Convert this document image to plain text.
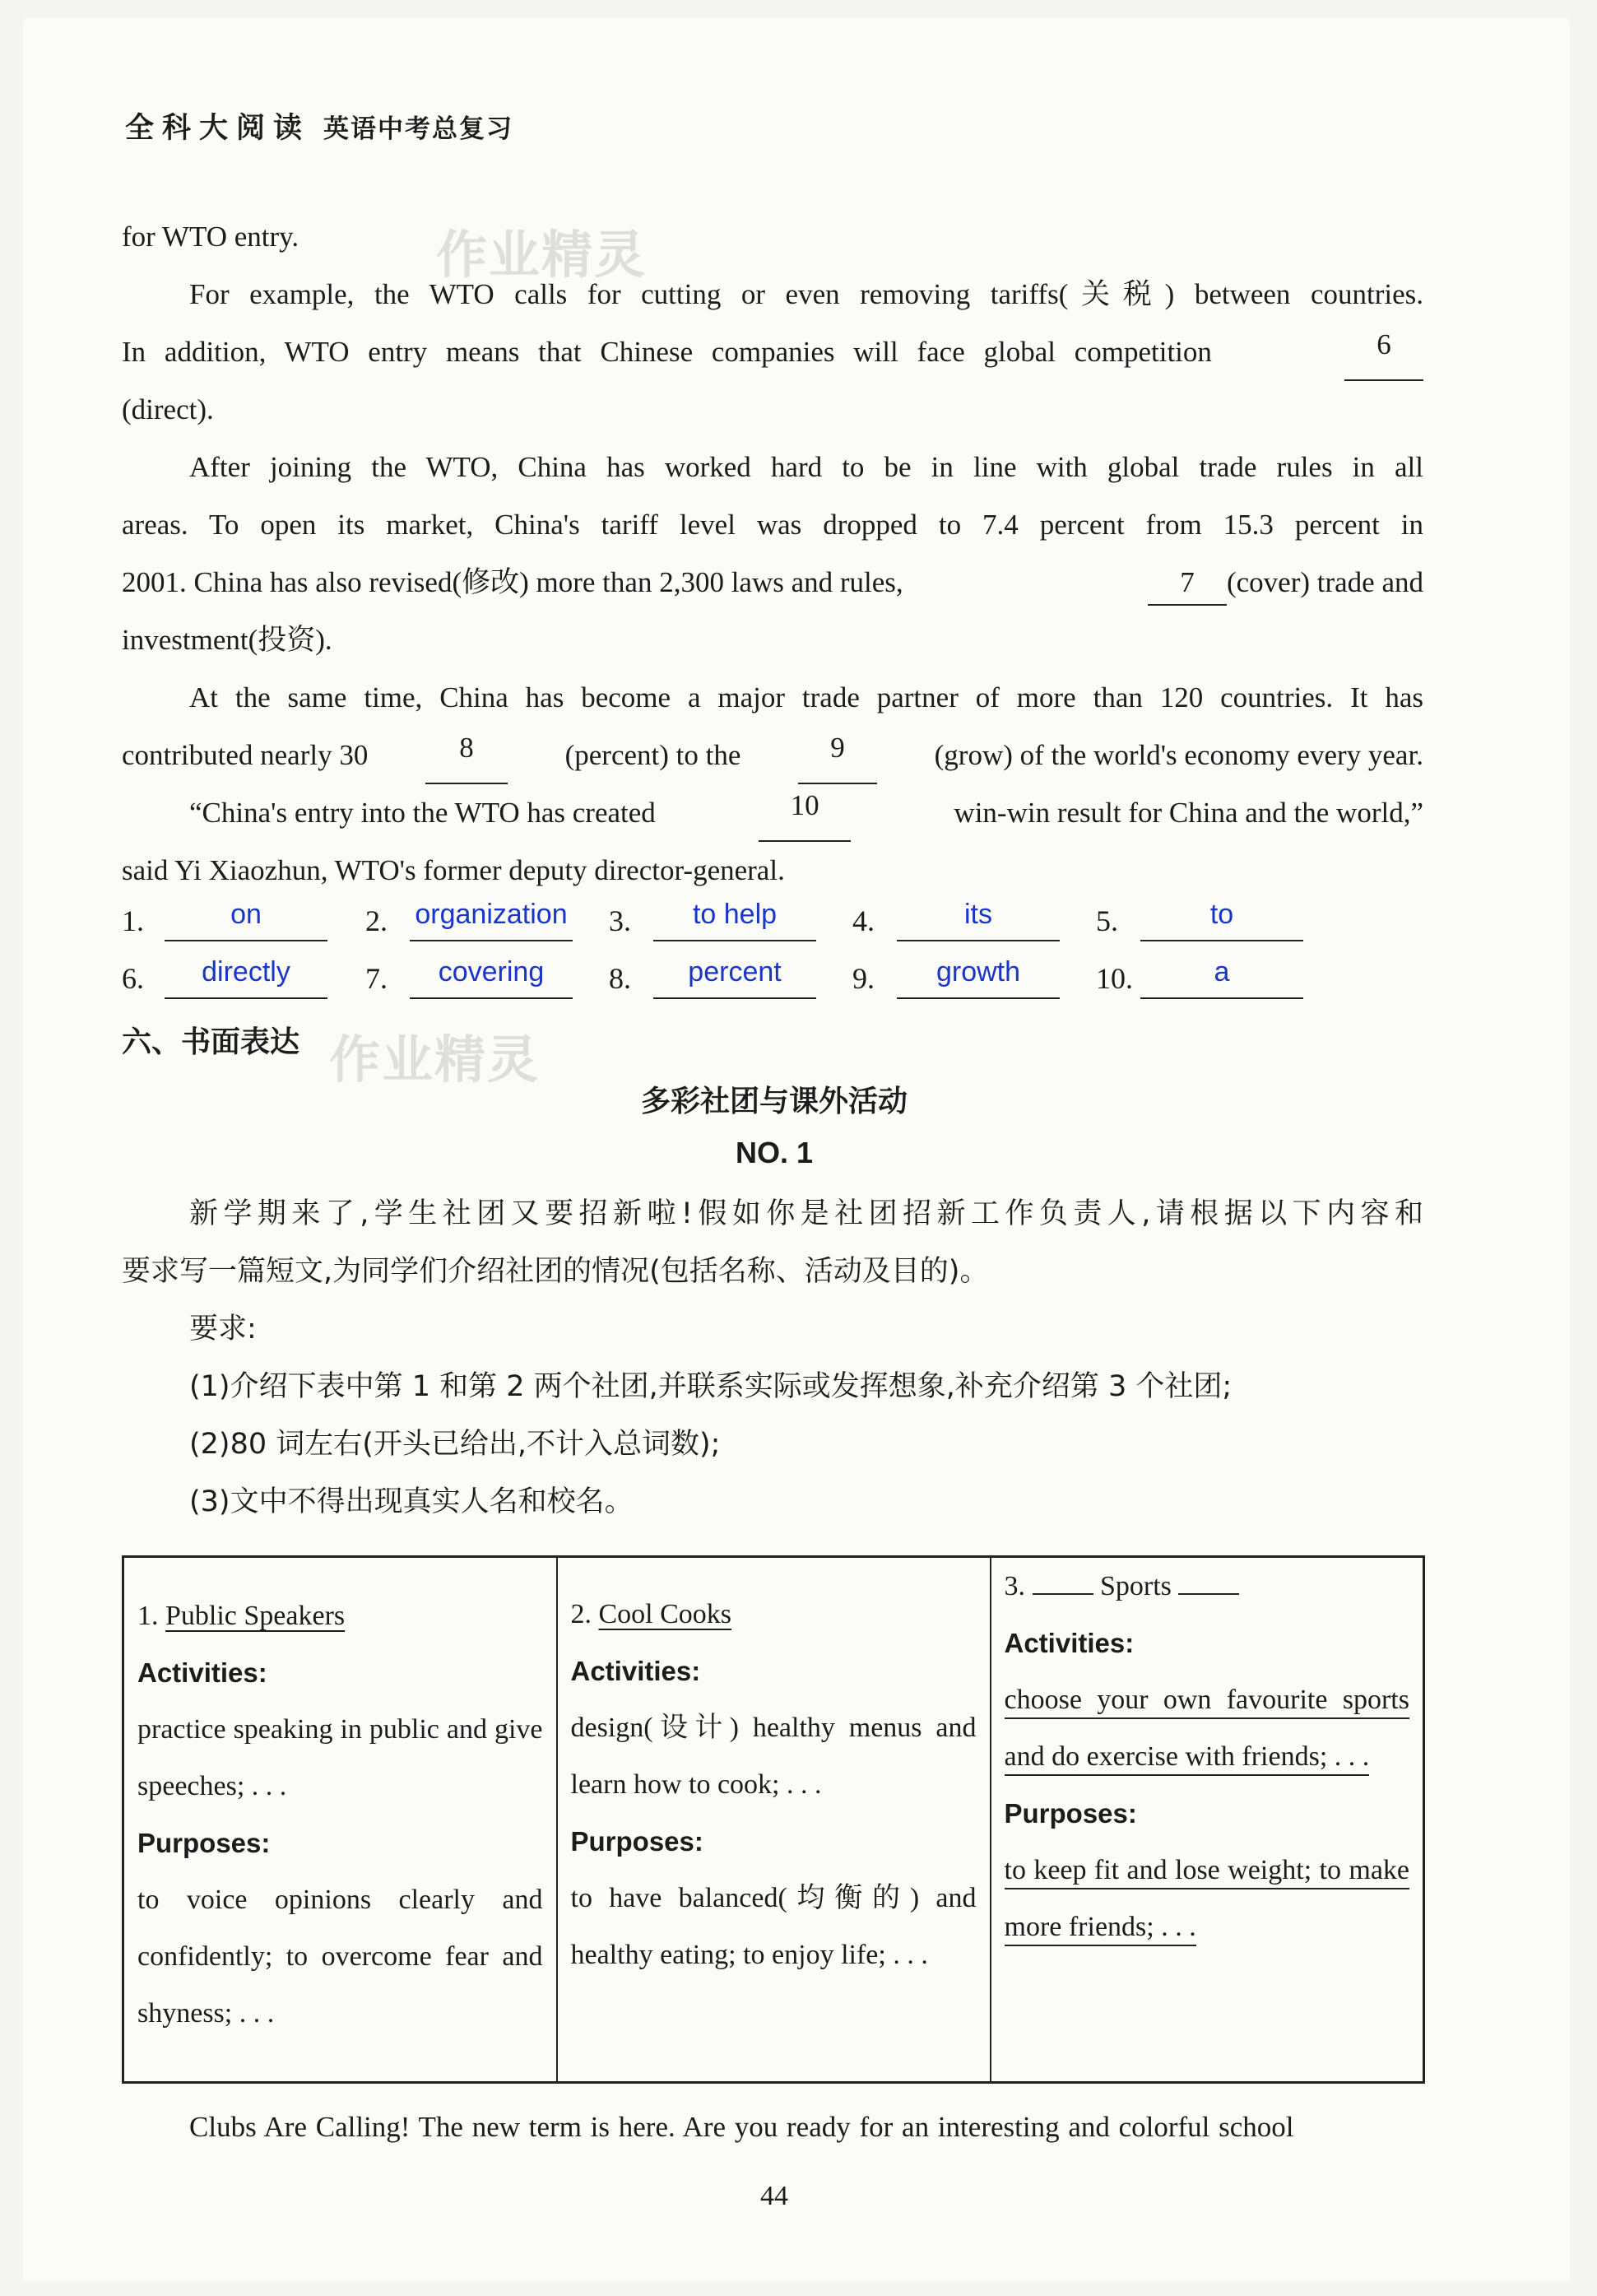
全科大阅读 英语中考总复习
作业精灵
作业精灵
for WTO entry.
For example, the WTO calls for cutting or even removing tariffs(关税) between countries.
In addition, WTO entry means that Chinese companies will face global competition	6
(direct).
After joining the WTO, China has worked hard to be in line with global trade rules in all
areas. To open its market, China's tariff level was dropped to 7.4 percent from 15.3 percent in
2001. China has also revised(修改) more than 2,300 laws and rules,	7 (cover) trade and
investment(投资).
At the same time, China has become a major trade partner of more than 120 countries. It has
contributed nearly 30	8	(percent) to the	9	(grow) of the world's economy every year.
“China's entry into the WTO has created	10	win-win result for China and the world,”
said Yi Xiaozhun, WTO's former deputy director-general.
1.	on	2. organization 3.	to help	4.	its	5.	to
6.	directly	7.	covering	8.	percent	9.	growth	10.	a
六、书面表达
多彩社团与课外活动
NO. 1
新学期来了,学生社团又要招新啦!假如你是社团招新工作负责人,请根据以下内容和
要求写一篇短文,为同学们介绍社团的情况(包括名称、活动及目的)。
要求:
(1)介绍下表中第 1 和第 2 两个社团,并联系实际或发挥想象,补充介绍第 3 个社团;
(2)80 词左右(开头已给出,不计入总词数);
(3)文中不得出现真实人名和校名。
1. Public Speakers
Activities:
practice speaking in public and give speeches; . . .
Purposes:
to voice opinions clearly and confidently; to overcome fear and shyness; . . .

2. Cool Cooks
Activities:
design(设计) healthy menus and learn how to cook; . . .
Purposes:
to have balanced(均衡的) and healthy eating; to enjoy life; . . .

3.	Sports
Activities:
choose your own favourite sports and do exercise with friends; . . .
Purposes:
to keep fit and lose weight; to make more friends; . . .
Clubs Are Calling! The new term is here. Are you ready for an interesting and colorful school
44
